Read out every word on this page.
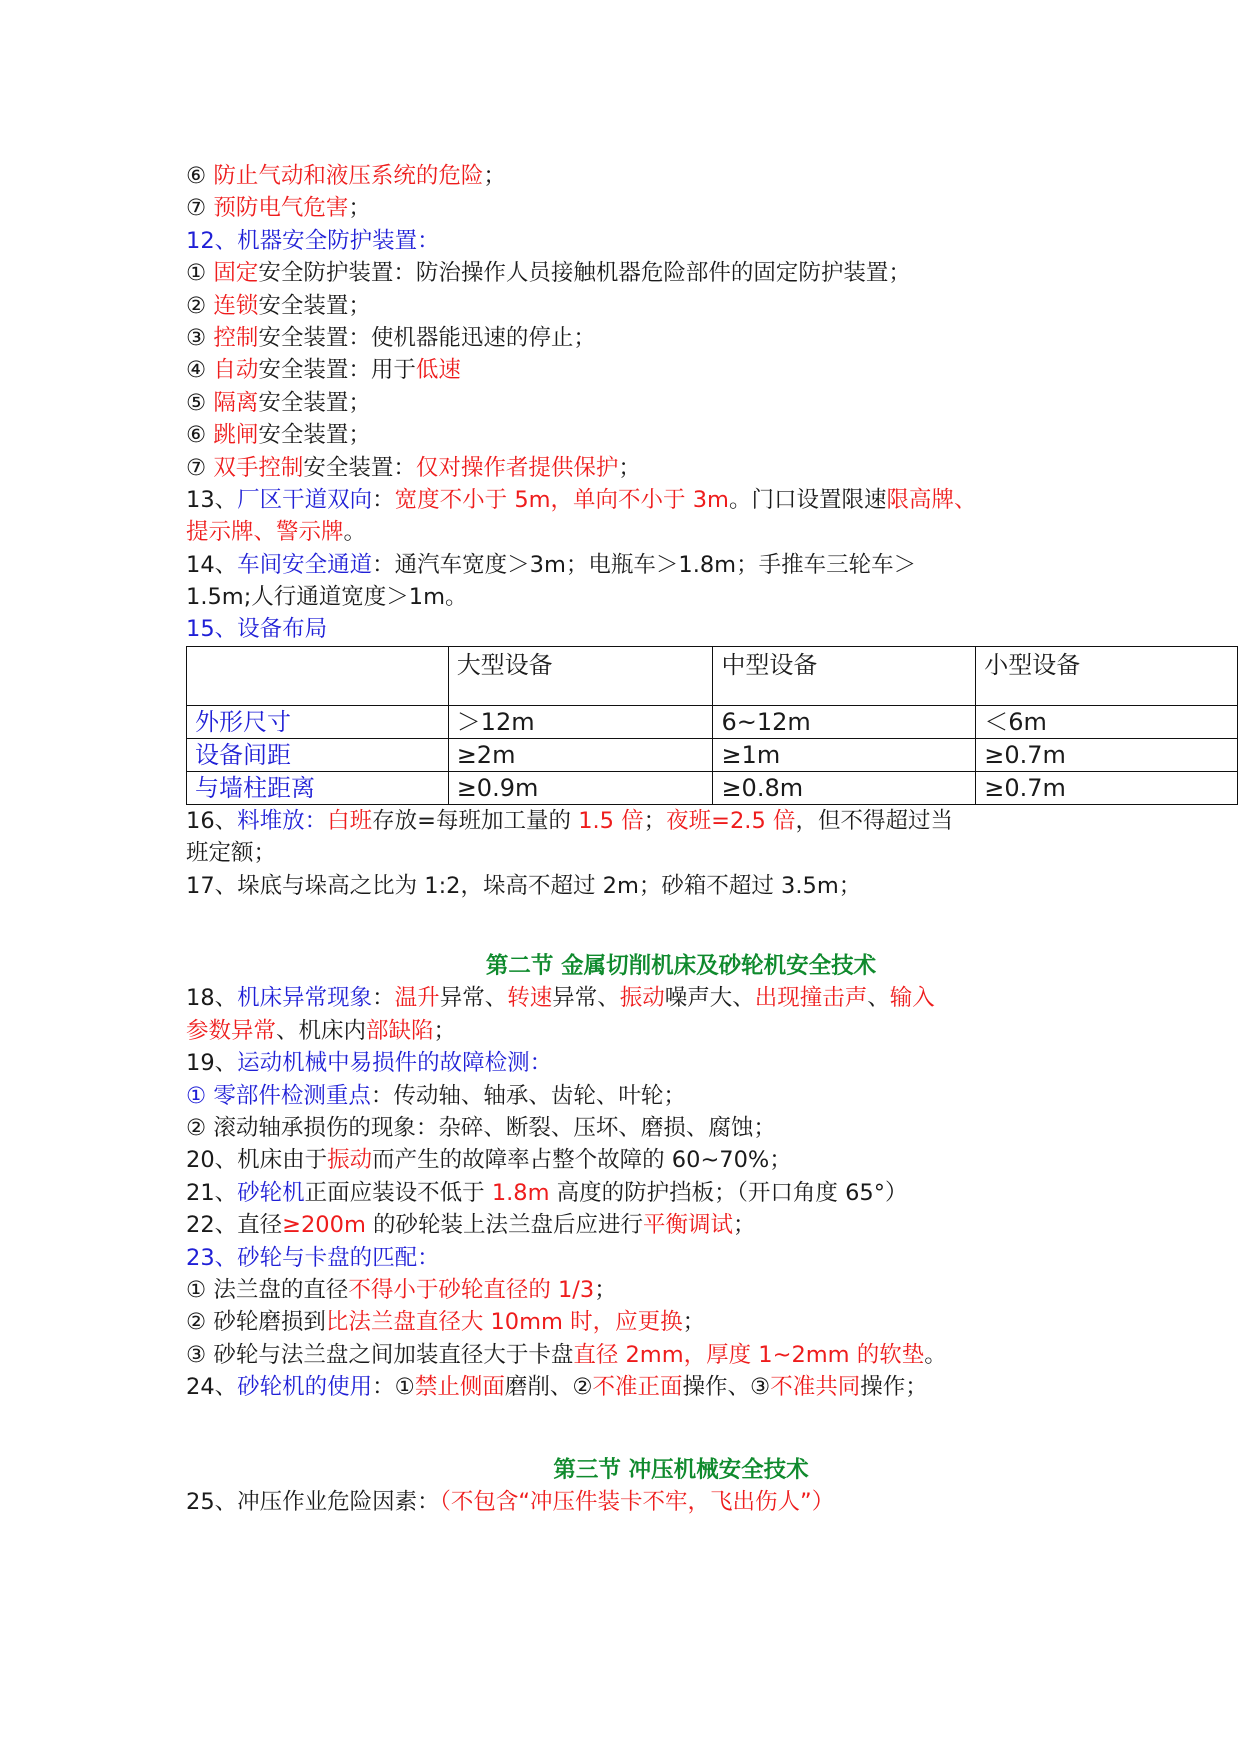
⑥ 防止气动和液压系统的危险；
⑦ 预防电气危害；
12、机器安全防护装置：
① 固定安全防护装置：防治操作人员接触机器危险部件的固定防护装置；
② 连锁安全装置；
③ 控制安全装置：使机器能迅速的停止；
④ 自动安全装置：用于低速
⑤ 隔离安全装置；
⑥ 跳闸安全装置；
⑦ 双手控制安全装置：仅对操作者提供保护；
13、厂区干道双向：宽度不小于 5m，单向不小于 3m。门口设置限速限高牌、
提示牌、警示牌。
14、车间安全通道：通汽车宽度＞3m；电瓶车＞1.8m；手推车三轮车＞
1.5m;人行通道宽度＞1m。
15、设备布局
	大型设备	中型设备	小型设备
外形尺寸	＞12m	6~12m	＜6m
设备间距	≥2m	≥1m	≥0.7m
与墙柱距离	≥0.9m	≥0.8m	≥0.7m
16、料堆放：白班存放=每班加工量的 1.5 倍；夜班=2.5 倍，但不得超过当
班定额；
17、垛底与垛高之比为 1:2，垛高不超过 2m；砂箱不超过 3.5m；
第二节 金属切削机床及砂轮机安全技术
18、机床异常现象：温升异常、转速异常、振动噪声大、出现撞击声、输入
参数异常、机床内部缺陷；
19、运动机械中易损件的故障检测：
① 零部件检测重点：传动轴、轴承、齿轮、叶轮；
② 滚动轴承损伤的现象：杂碎、断裂、压坏、磨损、腐蚀；
20、机床由于振动而产生的故障率占整个故障的 60~70%；
21、砂轮机正面应装设不低于 1.8m 高度的防护挡板；（开口角度 65°）
22、直径≥200m 的砂轮装上法兰盘后应进行平衡调试；
23、砂轮与卡盘的匹配：
① 法兰盘的直径不得小于砂轮直径的 1/3；
② 砂轮磨损到比法兰盘直径大 10mm 时，应更换；
③ 砂轮与法兰盘之间加装直径大于卡盘直径 2mm，厚度 1~2mm 的软垫。
24、砂轮机的使用：①禁止侧面磨削、②不准正面操作、③不准共同操作；
第三节 冲压机械安全技术
25、冲压作业危险因素：（不包含“冲压件装卡不牢，飞出伤人”）
